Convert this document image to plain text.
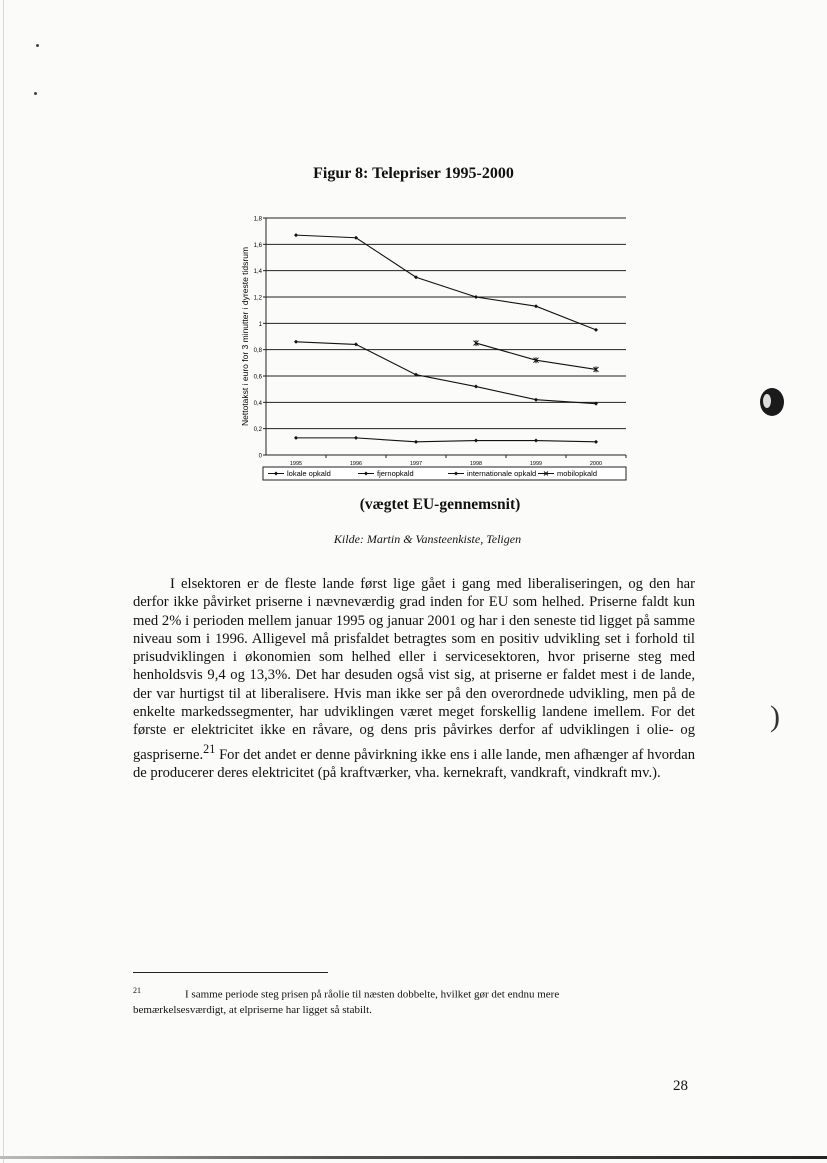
Figur 8: Telepriser 1995-2000
0
0,2
0,4
0,6
0,8
1
1,2
1,4
1,6
1,8
1995	1996	1997	1998	1999	2000
Nettotakst i euro for 3 minutter i dyreste tidsrum
lokale opkald	fjernopkald	internationale opkald	mobilopkald
(vægtet EU-gennemsnit)
Kilde: Martin & Vansteenkiste, Teligen

I elsektoren er de fleste lande først lige gået i gang med liberaliseringen, og den har derfor ikke påvirket priserne i nævneværdig grad inden for EU som helhed. Priserne faldt kun med 2% i perioden mellem januar 1995 og januar 2001 og har i den seneste tid ligget på samme niveau som i 1996. Alligevel må prisfaldet betragtes som en positiv udvikling set i forhold til prisudviklingen i økonomien som helhed eller i servicesektoren, hvor priserne steg med henholdsvis 9,4 og 13,3%. Det har desuden også vist sig, at priserne er faldet mest i de lande, der var hurtigst til at liberalisere. Hvis man ikke ser på den overordnede udvikling, men på de enkelte markedssegmenter, har udviklingen været meget forskellig landene imellem. For det første er elektricitet ikke en råvare, og dens pris påvirkes derfor af udviklingen i olie- og gaspriserne.$^{21}$ For det andet er denne påvirkning ikke ens i alle lande, men afhænger af hvordan de producerer deres elektricitet (på kraftværker, vha. kernekraft, vandkraft, vindkraft mv.).

$^{21}$	I samme periode steg prisen på råolie til næsten dobbelte, hvilket gør det endnu mere bemærkelsesværdigt, at elpriserne har ligget så stabilt.
28
)
